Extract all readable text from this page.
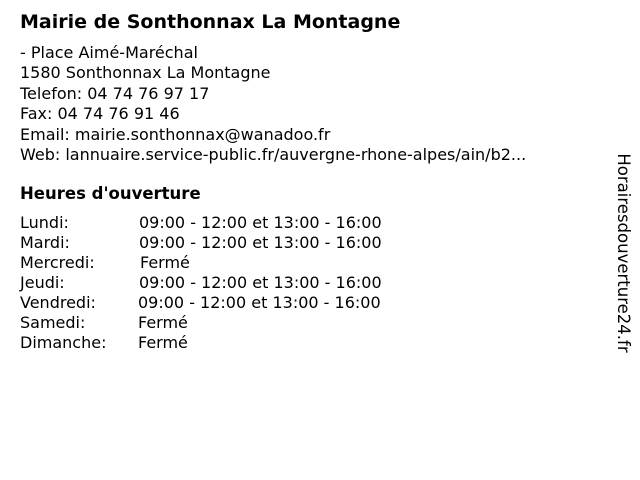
Mairie de Sonthonnax La Montagne
- Place Aimé-Maréchal
1580 Sonthonnax La Montagne
Telefon: 04 74 76 97 17
Fax: 04 74 76 91 46
Email: mairie.sonthonnax@wanadoo.fr
Web: lannuaire.service-public.fr/auvergne-rhone-alpes/ain/b2...
Heures d'ouverture
Lundi:	09:00 - 12:00 et 13:00 - 16:00
Mardi:	09:00 - 12:00 et 13:00 - 16:00
Mercredi:	Fermé
Jeudi:	09:00 - 12:00 et 13:00 - 16:00
Vendredi:	09:00 - 12:00 et 13:00 - 16:00
Samedi:	Fermé
Dimanche: Fermé	Horairesdouverture24.fr
